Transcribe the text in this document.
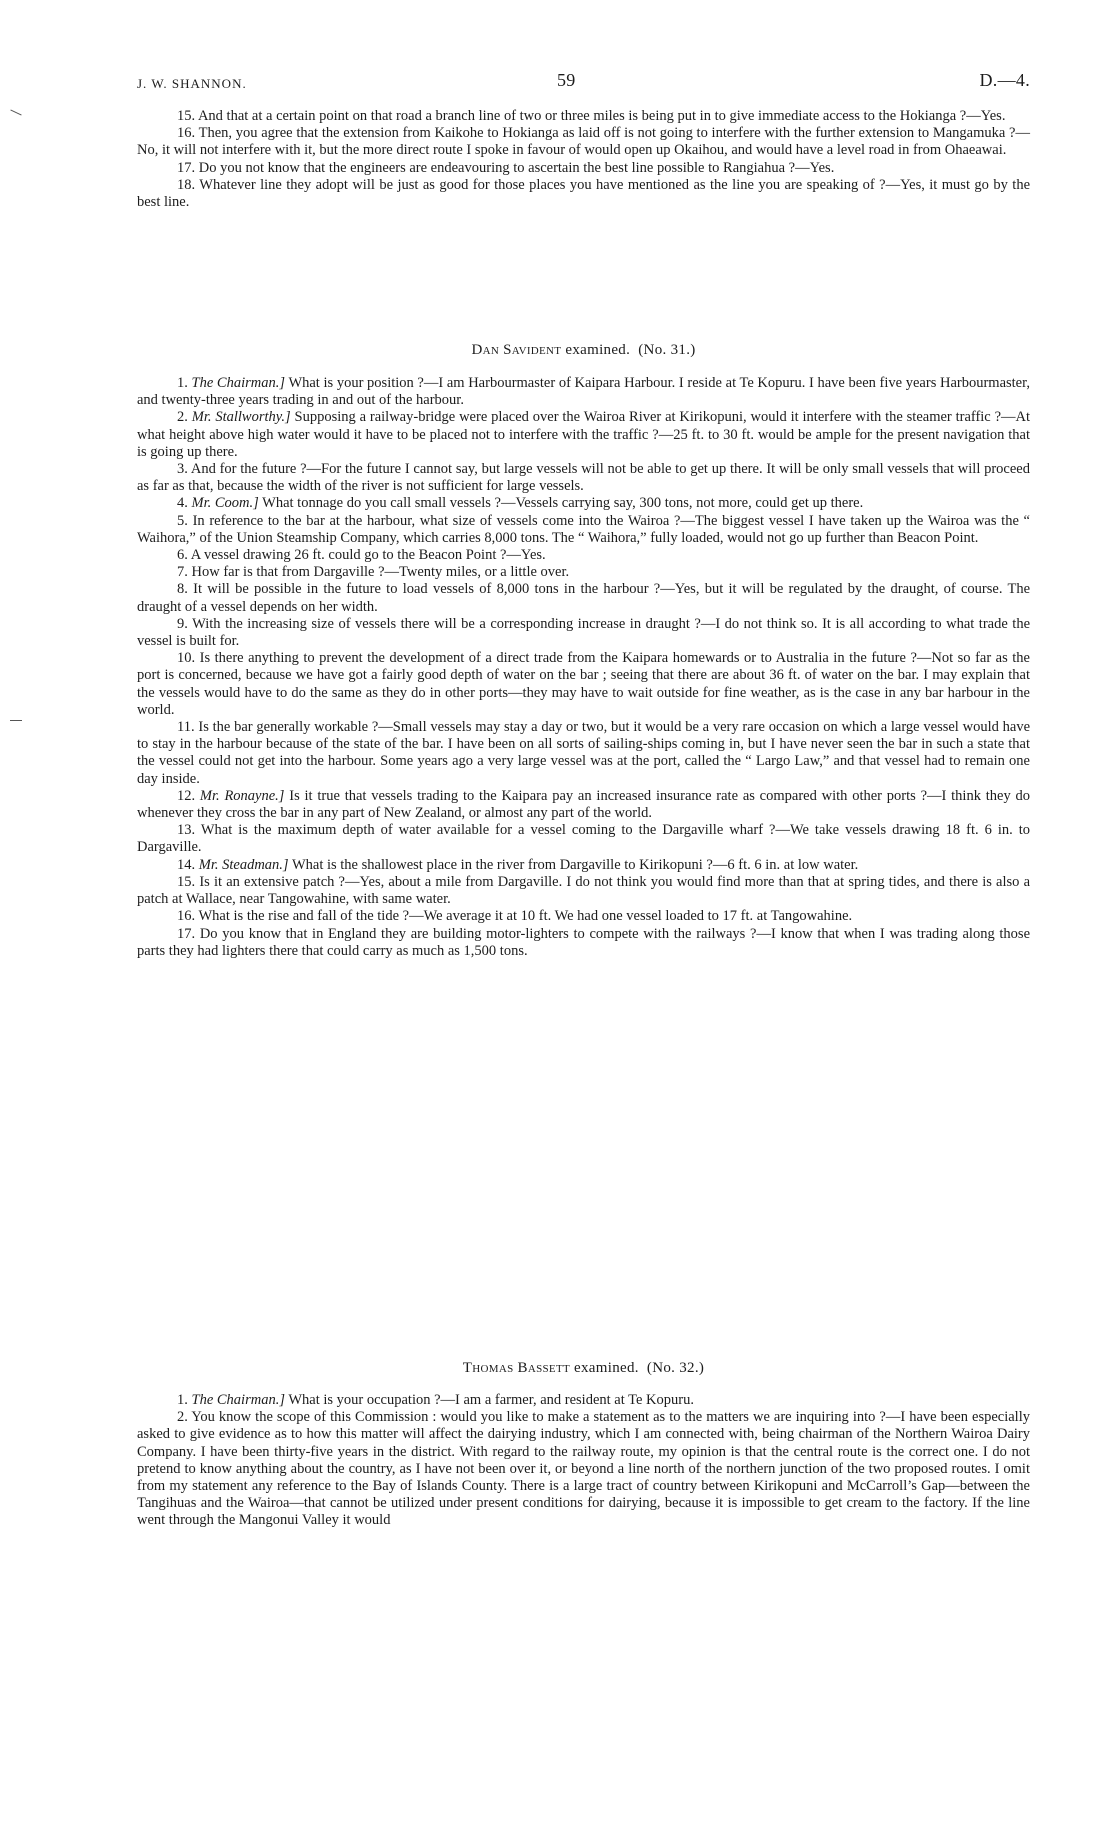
J. W. SHANNON.	59	D.—4.

15. And that at a certain point on that road a branch line of two or three miles is being put in to give immediate access to the Hokianga ?—Yes.

16. Then, you agree that the extension from Kaikohe to Hokianga as laid off is not going to interfere with the further extension to Mangamuka ?—No, it will not interfere with it, but the more direct route I spoke in favour of would open up Okaihou, and would have a level road in from Ohaeawai.

17. Do you not know that the engineers are endeavouring to ascertain the best line possible to Rangiahua ?—Yes.

18. Whatever line they adopt will be just as good for those places you have mentioned as the line you are speaking of ?—Yes, it must go by the best line.

Dan Savident examined. (No. 31.)

1. The Chairman.] What is your position ?—I am Harbourmaster of Kaipara Harbour. I reside at Te Kopuru. I have been five years Harbourmaster, and twenty-three years trading in and out of the harbour.

2. Mr. Stallworthy.] Supposing a railway-bridge were placed over the Wairoa River at Kirikopuni, would it interfere with the steamer traffic ?—At what height above high water would it have to be placed not to interfere with the traffic ?—25 ft. to 30 ft. would be ample for the present navigation that is going up there.

3. And for the future ?—For the future I cannot say, but large vessels will not be able to get up there. It will be only small vessels that will proceed as far as that, because the width of the river is not sufficient for large vessels.

4. Mr. Coom.] What tonnage do you call small vessels ?—Vessels carrying say, 300 tons, not more, could get up there.

5. In reference to the bar at the harbour, what size of vessels come into the Wairoa ?—The biggest vessel I have taken up the Wairoa was the “ Waihora,” of the Union Steamship Company, which carries 8,000 tons. The “ Waihora,” fully loaded, would not go up further than Beacon Point.

6. A vessel drawing 26 ft. could go to the Beacon Point ?—Yes.

7. How far is that from Dargaville ?—Twenty miles, or a little over.

8. It will be possible in the future to load vessels of 8,000 tons in the harbour ?—Yes, but it will be regulated by the draught, of course. The draught of a vessel depends on her width.

9. With the increasing size of vessels there will be a corresponding increase in draught ?—I do not think so. It is all according to what trade the vessel is built for.

10. Is there anything to prevent the development of a direct trade from the Kaipara homewards or to Australia in the future ?—Not so far as the port is concerned, because we have got a fairly good depth of water on the bar ; seeing that there are about 36 ft. of water on the bar. I may explain that the vessels would have to do the same as they do in other ports—they may have to wait outside for fine weather, as is the case in any bar harbour in the world.

11. Is the bar generally workable ?—Small vessels may stay a day or two, but it would be a very rare occasion on which a large vessel would have to stay in the harbour because of the state of the bar. I have been on all sorts of sailing-ships coming in, but I have never seen the bar in such a state that the vessel could not get into the harbour. Some years ago a very large vessel was at the port, called the “ Largo Law,” and that vessel had to remain one day inside.

12. Mr. Ronayne.] Is it true that vessels trading to the Kaipara pay an increased insurance rate as compared with other ports ?—I think they do whenever they cross the bar in any part of New Zealand, or almost any part of the world.

13. What is the maximum depth of water available for a vessel coming to the Dargaville wharf ?—We take vessels drawing 18 ft. 6 in. to Dargaville.

14. Mr. Steadman.] What is the shallowest place in the river from Dargaville to Kirikopuni ?—6 ft. 6 in. at low water.

15. Is it an extensive patch ?—Yes, about a mile from Dargaville. I do not think you would find more than that at spring tides, and there is also a patch at Wallace, near Tangowahine, with same water.

16. What is the rise and fall of the tide ?—We average it at 10 ft. We had one vessel loaded to 17 ft. at Tangowahine.

17. Do you know that in England they are building motor-lighters to compete with the railways ?—I know that when I was trading along those parts they had lighters there that could carry as much as 1,500 tons.

Thomas Bassett examined. (No. 32.)

1. The Chairman.] What is your occupation ?—I am a farmer, and resident at Te Kopuru.

2. You know the scope of this Commission : would you like to make a statement as to the matters we are inquiring into ?—I have been especially asked to give evidence as to how this matter will affect the dairying industry, which I am connected with, being chairman of the Northern Wairoa Dairy Company. I have been thirty-five years in the district. With regard to the railway route, my opinion is that the central route is the correct one. I do not pretend to know anything about the country, as I have not been over it, or beyond a line north of the northern junction of the two proposed routes. I omit from my statement any reference to the Bay of Islands County. There is a large tract of country between Kirikopuni and McCarroll’s Gap—between the Tangihuas and the Wairoa—that cannot be utilized under present conditions for dairying, because it is impossible to get cream to the factory. If the line went through the Mangonui Valley it would
